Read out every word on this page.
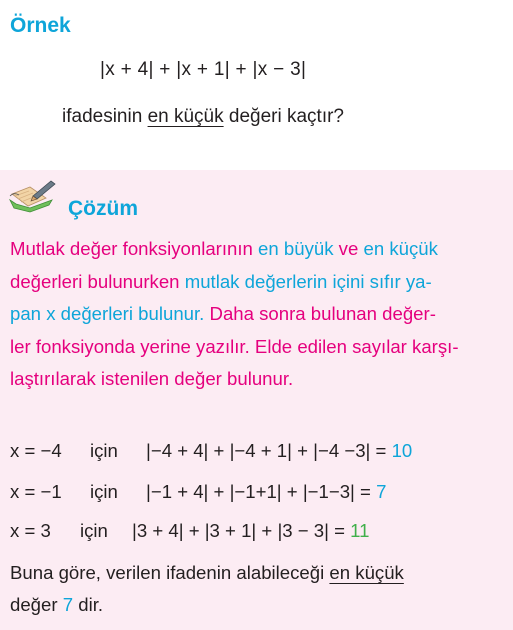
Örnek
|x + 4| + |x + 1| + |x − 3|
ifadesinin en küçük değeri kaçtır?
Çözüm
Mutlak değer fonksiyonlarının en büyük ve en küçük
değerleri bulunurken mutlak değerlerin içini sıfır ya-
pan x değerleri bulunur. Daha sonra bulunan değer-
ler fonksiyonda yerine yazılır. Elde edilen sayılar karşı-
laştırılarak istenilen değer bulunur.
x = −4 için |−4 + 4| + |−4 + 1| + |−4 −3| = 10
x = −1 için |−1 + 4| + |−1+1| + |−1−3| = 7
x = 3 için |3 + 4| + |3 + 1| + |3 − 3| = 11
Buna göre, verilen ifadenin alabileceği en küçük
değer 7 dir.
